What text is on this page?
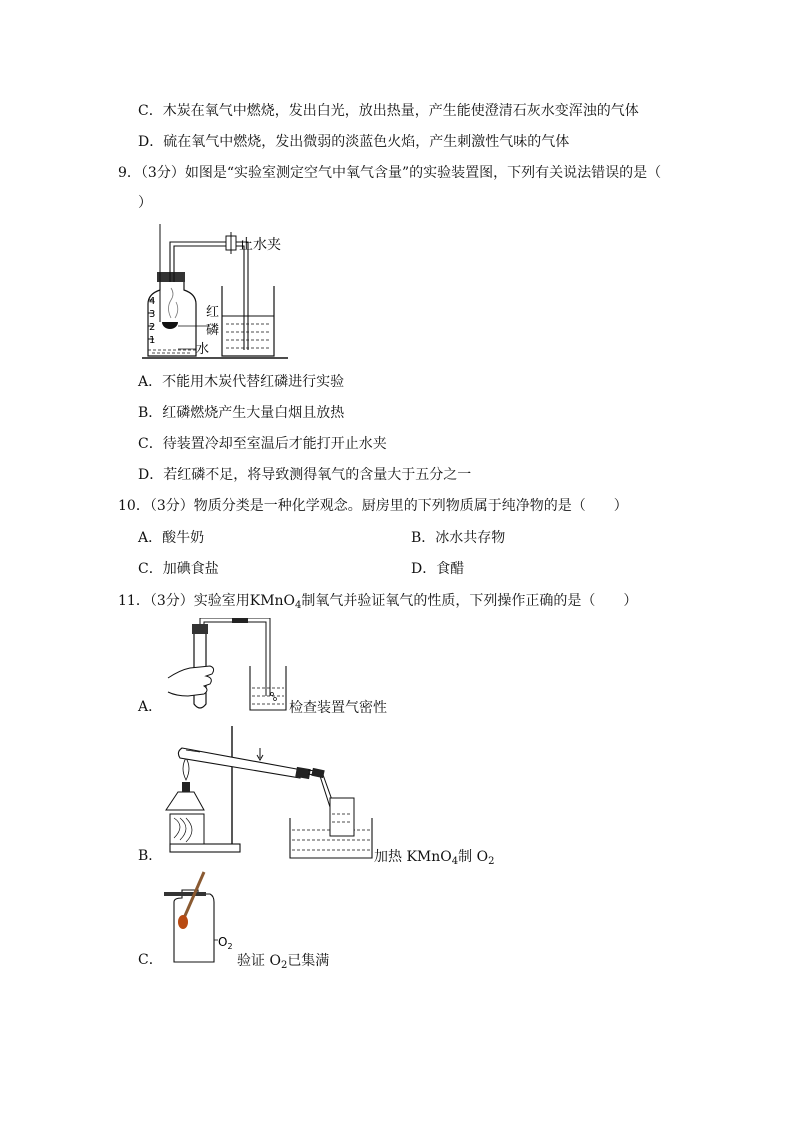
C．木炭在氧气中燃烧，发出白光，放出热量，产生能使澄清石灰水变浑浊的气体
D．硫在氧气中燃烧，发出微弱的淡蓝色火焰，产生刺激性气味的气体
9．（3分）如图是“实验室测定空气中氧气含量”的实验装置图，下列有关说法错误的是（
）
止水夹
红
磷
水
4
3
2
1
A．不能用木炭代替红磷进行实验
B．红磷燃烧产生大量白烟且放热
C．待装置冷却至室温后才能打开止水夹
D．若红磷不足，将导致测得氧气的含量大于五分之一
10．（3分）物质分类是一种化学观念。厨房里的下列物质属于纯净物的是（　　）
A．酸牛奶	B．冰水共存物
C．加碘食盐	D．食醋
11．（3分）实验室用KMnO$_4$制氧气并验证氧气的性质，下列操作正确的是（　　）
A．	检查装置气密性
B．	加热 KMnO$_4$制 $O_2$
C．
$O_2$
验证 $O_2$已集满
